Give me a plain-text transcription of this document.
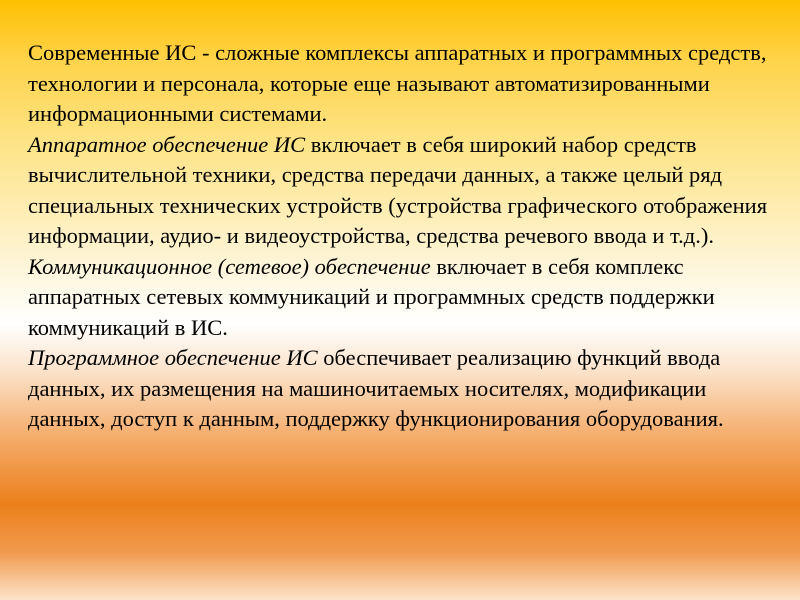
Современные ИС - сложные комплексы аппаратных и программных средств, технологии и персонала, которые еще называют автоматизированными информационными системами.

Аппаратное обеспечение ИС включает в себя широкий набор средств вычислительной техники, средства передачи данных, а также целый ряд специальных технических устройств (устройства графического отображения информации, аудио- и видеоустройства, средства речевого ввода и т.д.).

Коммуникационное (сетевое) обеспечение включает в себя комплекс аппаратных сетевых коммуникаций и программных средств поддержки коммуникаций в ИС.

Программное обеспечение ИС обеспечивает реализацию функций ввода данных, их размещения на машиночитаемых носителях, модификации данных, доступ к данным, поддержку функционирования оборудования.
